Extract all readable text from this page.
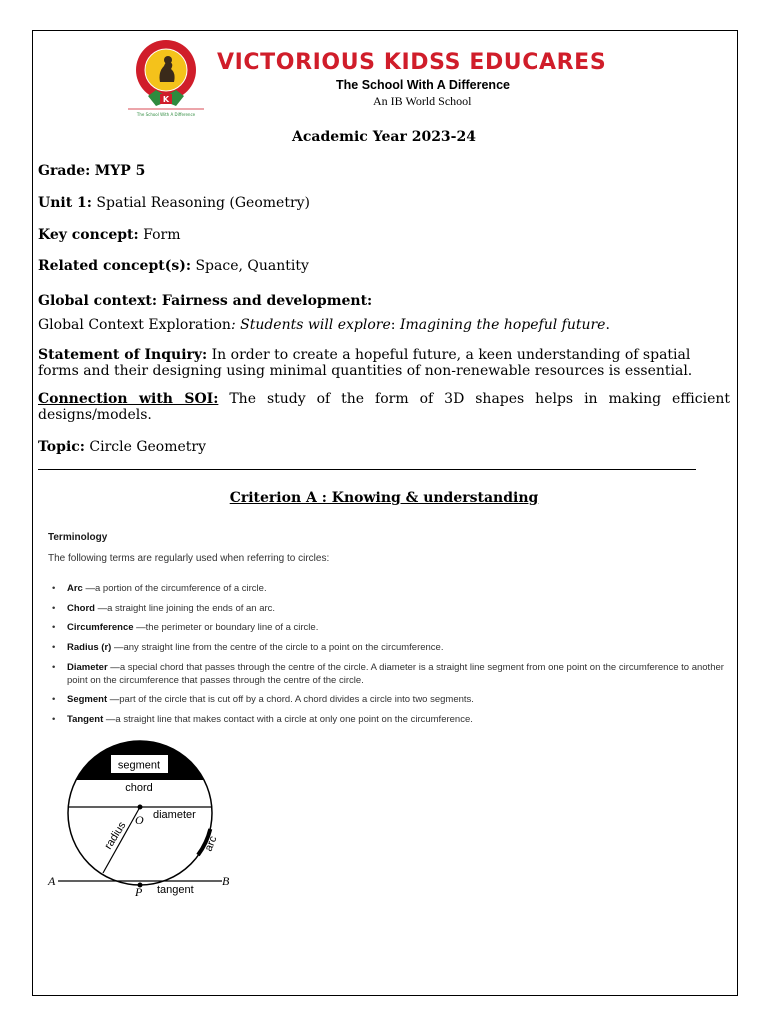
K
The School With A Difference
VICTORIOUS KIDSS EDUCARES
The School With A Difference
An IB World School
Academic Year 2023-24
Grade: MYP 5
Unit 1: Spatial Reasoning (Geometry)
Key concept: Form
Related concept(s): Space, Quantity
Global context: Fairness and development:
Global Context Exploration: Students will explore: Imagining the hopeful future.
Statement of Inquiry: In order to create a hopeful future, a keen understanding of spatial forms and their designing using minimal quantities of non-renewable resources is essential.
Connection with SOI: The study of the form of 3D shapes helps in making efficient designs/models.
Topic: Circle Geometry
Criterion A : Knowing & understanding
Terminology
The following terms are regularly used when referring to circles:
• Arc — a portion of the circumference of a circle.
• Chord — a straight line joining the ends of an arc.
• Circumference — the perimeter or boundary line of a circle.
• Radius (r) — any straight line from the centre of the circle to a point on the circumference.
• Diameter — a special chord that passes through the centre of the circle. A diameter is a straight line segment from one point on the circumference to another point on the circumference that passes through the centre of the circle.
• Segment — part of the circle that is cut off by a chord. A chord divides a circle into two segments.
• Tangent — a straight line that makes contact with a circle at only one point on the circumference.
segment
chord
diameter
radius	arc
O
P
A	B
tangent
